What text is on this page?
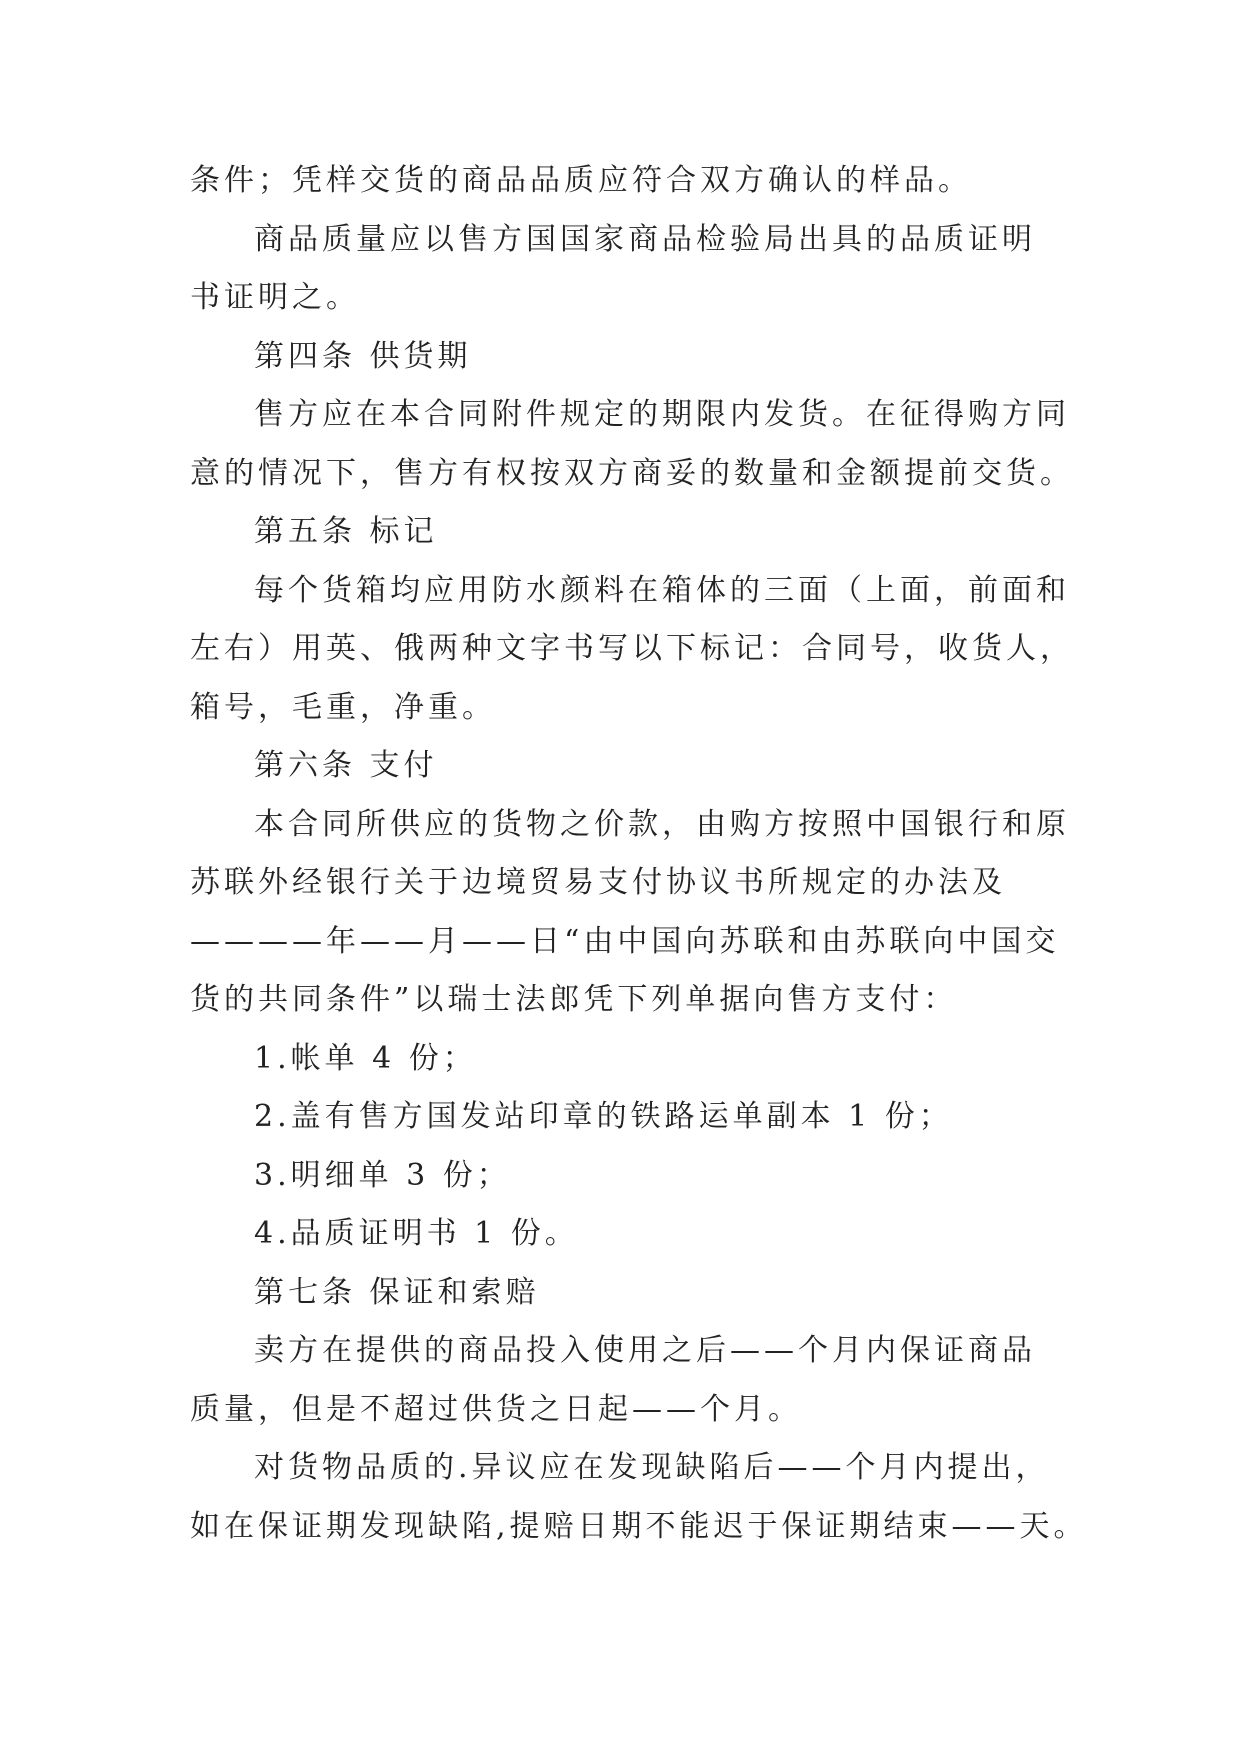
条件；凭样交货的商品品质应符合双方确认的样品。
商品质量应以售方国国家商品检验局出具的品质证明
书证明之。
第四条 供货期
售方应在本合同附件规定的期限内发货。在征得购方同
意的情况下，售方有权按双方商妥的数量和金额提前交货。
第五条 标记
每个货箱均应用防水颜料在箱体的三面（上面，前面和
左右）用英、俄两种文字书写以下标记：合同号，收货人，
箱号，毛重，净重。
第六条 支付
本合同所供应的货物之价款，由购方按照中国银行和原
苏联外经银行关于边境贸易支付协议书所规定的办法及
————年——月——日“由中国向苏联和由苏联向中国交
货的共同条件”以瑞士法郎凭下列单据向售方支付：
1.帐单 4 份；
2.盖有售方国发站印章的铁路运单副本 1 份；
3.明细单 3 份；
4.品质证明书 1 份。
第七条 保证和索赔
卖方在提供的商品投入使用之后——个月内保证商品
质量，但是不超过供货之日起——个月。
对货物品质的.异议应在发现缺陷后——个月内提出，
如在保证期发现缺陷,提赔日期不能迟于保证期结束——天。
